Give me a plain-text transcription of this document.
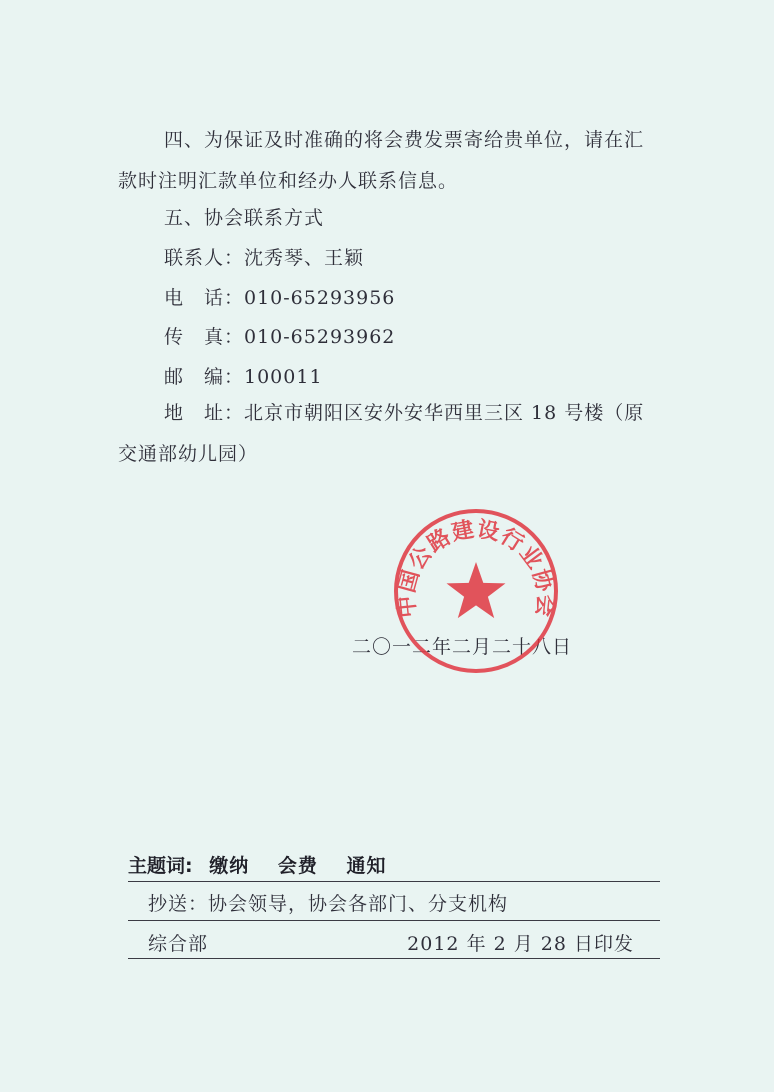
四、为保证及时准确的将会费发票寄给贵单位，请在汇款时注明汇款单位和经办人联系信息。

五、协会联系方式
联系人：沈秀琴、王颖
电　话：010-65293956
传　真：010-65293962
邮　编：100011

地　址：北京市朝阳区安外安华西里三区 18 号楼（原交通部幼儿园）

二〇一二年二月二十八日
中国公路建设行业协会
主题词: 缴纳 会费 通知
抄送：协会领导，协会各部门、分支机构
综合部	2012 年 2 月 28 日印发
